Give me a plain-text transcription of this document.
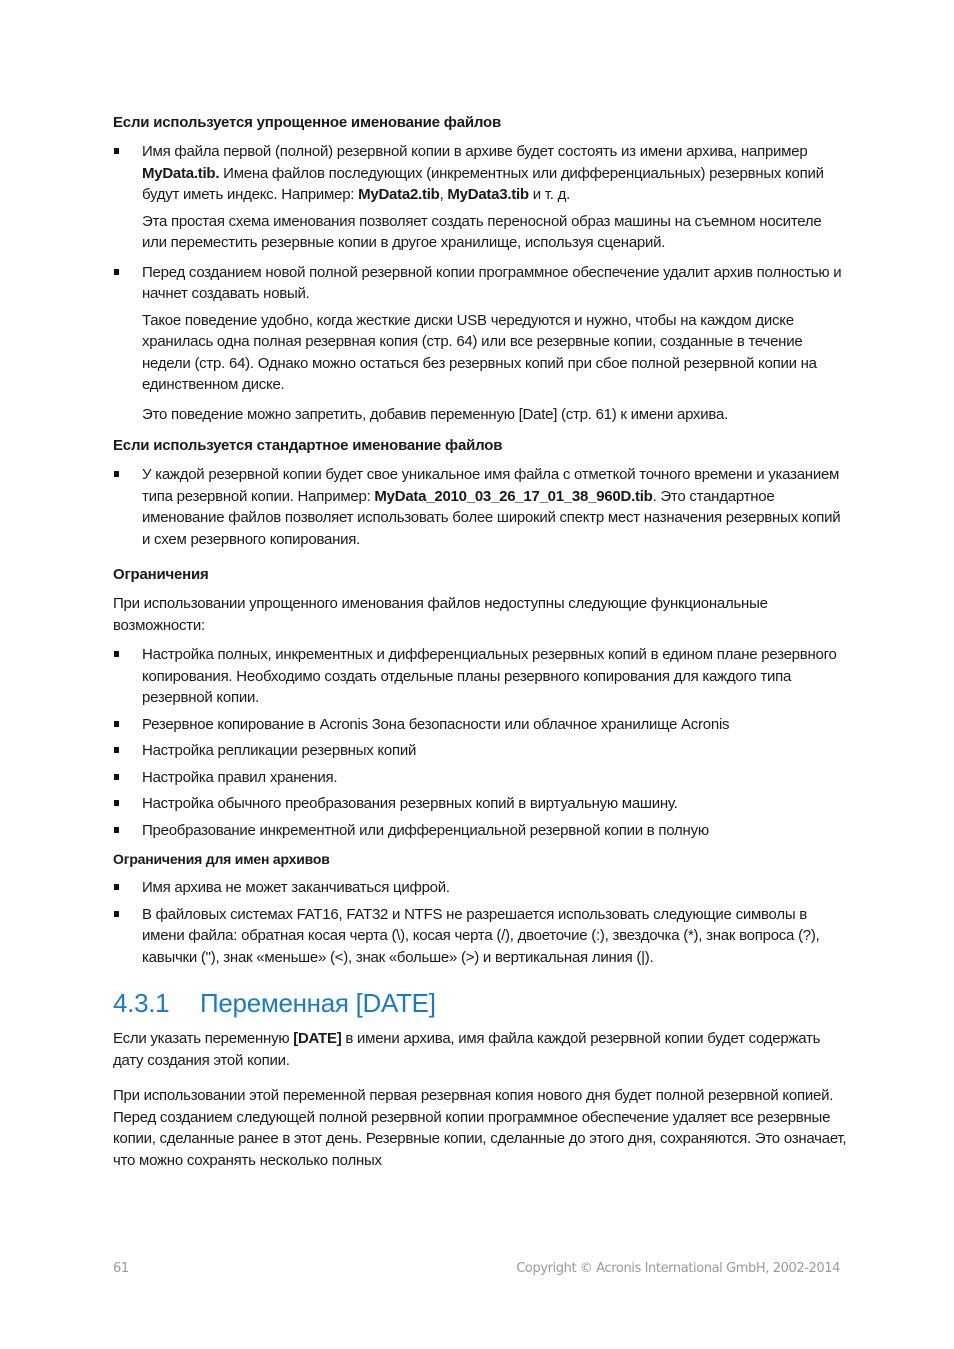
Если используется упрощенное именование файлов
Имя файла первой (полной) резервной копии в архиве будет состоять из имени архива, например MyData.tib. Имена файлов последующих (инкрементных или дифференциальных) резервных копий будут иметь индекс. Например: MyData2.tib, MyData3.tib и т. д.
Эта простая схема именования позволяет создать переносной образ машины на съемном носителе или переместить резервные копии в другое хранилище, используя сценарий.
Перед созданием новой полной резервной копии программное обеспечение удалит архив полностью и начнет создавать новый.
Такое поведение удобно, когда жесткие диски USB чередуются и нужно, чтобы на каждом диске хранилась одна полная резервная копия (стр. 64) или все резервные копии, созданные в течение недели (стр. 64). Однако можно остаться без резервных копий при сбое полной резервной копии на единственном диске.
Это поведение можно запретить, добавив переменную [Date] (стр. 61) к имени архива.
Если используется стандартное именование файлов
У каждой резервной копии будет свое уникальное имя файла с отметкой точного времени и указанием типа резервной копии. Например: MyData_2010_03_26_17_01_38_960D.tib. Это стандартное именование файлов позволяет использовать более широкий спектр мест назначения резервных копий и схем резервного копирования.
Ограничения
При использовании упрощенного именования файлов недоступны следующие функциональные возможности:
Настройка полных, инкрементных и дифференциальных резервных копий в едином плане резервного копирования. Необходимо создать отдельные планы резервного копирования для каждого типа резервной копии.
Резервное копирование в Acronis Зона безопасности или облачное хранилище Acronis
Настройка репликации резервных копий
Настройка правил хранения.
Настройка обычного преобразования резервных копий в виртуальную машину.
Преобразование инкрементной или дифференциальной резервной копии в полную
Ограничения для имен архивов
Имя архива не может заканчиваться цифрой.
В файловых системах FAT16, FAT32 и NTFS не разрешается использовать следующие символы в имени файла: обратная косая черта (\), косая черта (/), двоеточие (:), звездочка (*), знак вопроса (?), кавычки ("), знак «меньше» (<), знак «больше» (>) и вертикальная линия (|).
4.3.1 Переменная [DATE]
Если указать переменную [DATE] в имени архива, имя файла каждой резервной копии будет содержать дату создания этой копии.
При использовании этой переменной первая резервная копия нового дня будет полной резервной копией. Перед созданием следующей полной резервной копии программное обеспечение удаляет все резервные копии, сделанные ранее в этот день. Резервные копии, сделанные до этого дня, сохраняются. Это означает, что можно сохранять несколько полных
61	Copyright © Acronis International GmbH, 2002-2014
